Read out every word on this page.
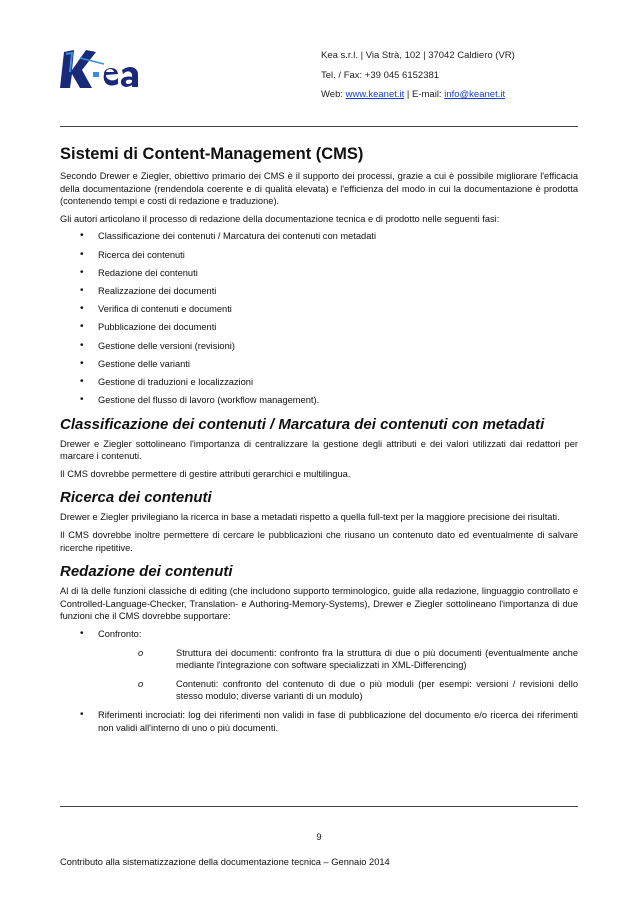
Kea s.r.l. | Via Strà, 102 | 37042 Caldiero (VR)
Tel. / Fax: +39 045 6152381
Web: www.keanet.it | E-mail: info@keanet.it
Sistemi di Content-Management (CMS)

Secondo Drewer e Ziegler, obiettivo primario dei CMS è il supporto dei processi, grazie a cui è possibile migliorare l'efficacia della documentazione (rendendola coerente e di qualità elevata) e l'efficienza del modo in cui la documentazione è prodotta (contenendo tempi e costi di redazione e traduzione).

Gli autori articolano il processo di redazione della documentazione tecnica e di prodotto nelle seguenti fasi:

• Classificazione dei contenuti / Marcatura dei contenuti con metadati
• Ricerca dei contenuti
• Redazione dei contenuti
• Realizzazione dei documenti
• Verifica di contenuti e documenti
• Pubblicazione dei documenti
• Gestione delle versioni (revisioni)
• Gestione delle varianti
• Gestione di traduzioni e localizzazioni
• Gestione del flusso di lavoro (workflow management).
Classificazione dei contenuti / Marcatura dei contenuti con metadati

Drewer e Ziegler sottolineano l'importanza di centralizzare la gestione degli attributi e dei valori utilizzati dai redattori per marcare i contenuti.

Il CMS dovrebbe permettere di gestire attributi gerarchici e multilingua.

Ricerca dei contenuti

Drewer e Ziegler privilegiano la ricerca in base a metadati rispetto a quella full-text per la maggiore precisione dei risultati.

Il CMS dovrebbe inoltre permettere di cercare le pubblicazioni che riusano un contenuto dato ed eventualmente di salvare ricerche ripetitive.

Redazione dei contenuti

Al di là delle funzioni classiche di editing (che includono supporto terminologico, guide alla redazione, linguaggio controllato e Controlled-Language-Checker, Translation- e Authoring-Memory-Systems), Drewer e Ziegler sottolineano l'importanza di due funzioni che il CMS dovrebbe supportare:

• Confronto:
o Struttura dei documenti: confronto fra la struttura di due o più documenti (eventualmente anche mediante l'integrazione con software specializzati in XML-Differencing)
o Contenuti: confronto del contenuto di due o più moduli (per esempi: versioni / revisioni dello stesso modulo; diverse varianti di un modulo)
• Riferimenti incrociati: log dei riferimenti non validi in fase di pubblicazione del documento e/o ricerca dei riferimenti non validi all'interno di uno o più documenti.
9
Contributo alla sistematizzazione della documentazione tecnica – Gennaio 2014
